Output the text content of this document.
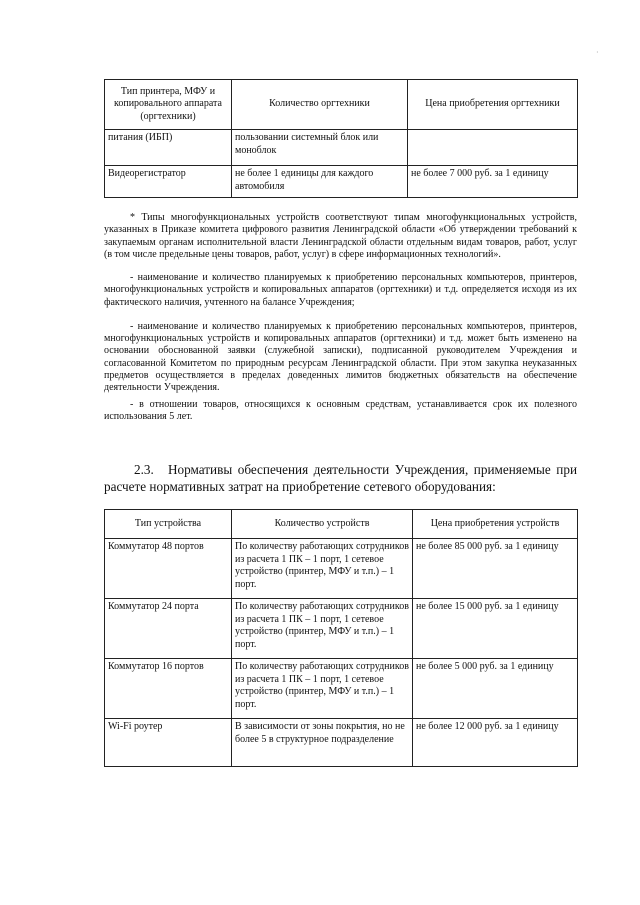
·
Тип принтера, МФУ и копировального аппарата (оргтехники)	Количество оргтехники	Цена приобретения оргтехники
питания (ИБП)	пользовании системный блок или моноблок	
Видеорегистратор	не более 1 единицы для каждого автомобиля	не более 7 000 руб. за 1 единицу

* Типы многофункциональных устройств соответствуют типам многофункциональных устройств, указанных в Приказе комитета цифрового развития Ленинградской области «Об утверждении требований к закупаемым органам исполнительной власти Ленинградской области отдельным видам товаров, работ, услуг (в том числе предельные цены товаров, работ, услуг) в сфере информационных технологий».

- наименование и количество планируемых к приобретению персональных компьютеров, принтеров, многофункциональных устройств и копировальных аппаратов (оргтехники) и т.д. определяется исходя из их фактического наличия, учтенного на балансе Учреждения;

- наименование и количество планируемых к приобретению персональных компьютеров, принтеров, многофункциональных устройств и копировальных аппаратов (оргтехники) и т.д. может быть изменено на основании обоснованной заявки (служебной записки), подписанной руководителем Учреждения и согласованной Комитетом по природным ресурсам Ленинградской области. При этом закупка неуказанных предметов осуществляется в пределах доведенных лимитов бюджетных обязательств на обеспечение деятельности Учреждения.

- в отношении товаров, относящихся к основным средствам, устанавливается срок их полезного использования 5 лет.

2.3. Нормативы обеспечения деятельности Учреждения, применяемые при расчете нормативных затрат на приобретение сетевого оборудования:
Тип устройства	Количество устройств	Цена приобретения устройств
Коммутатор 48 портов	По количеству работающих сотрудников из расчета 1 ПК – 1 порт, 1 сетевое устройство (принтер, МФУ и т.п.) – 1 порт.	не более 85 000 руб. за 1 единицу
Коммутатор 24 порта	По количеству работающих сотрудников из расчета 1 ПК – 1 порт, 1 сетевое устройство (принтер, МФУ и т.п.) – 1 порт.	не более 15 000 руб. за 1 единицу
Коммутатор 16 портов	По количеству работающих сотрудников из расчета 1 ПК – 1 порт, 1 сетевое устройство (принтер, МФУ и т.п.) – 1 порт.	не более 5 000 руб. за 1 единицу
Wi-Fi роутер	В зависимости от зоны покрытия, но не более 5 в структурное подразделение	не более 12 000 руб. за 1 единицу
